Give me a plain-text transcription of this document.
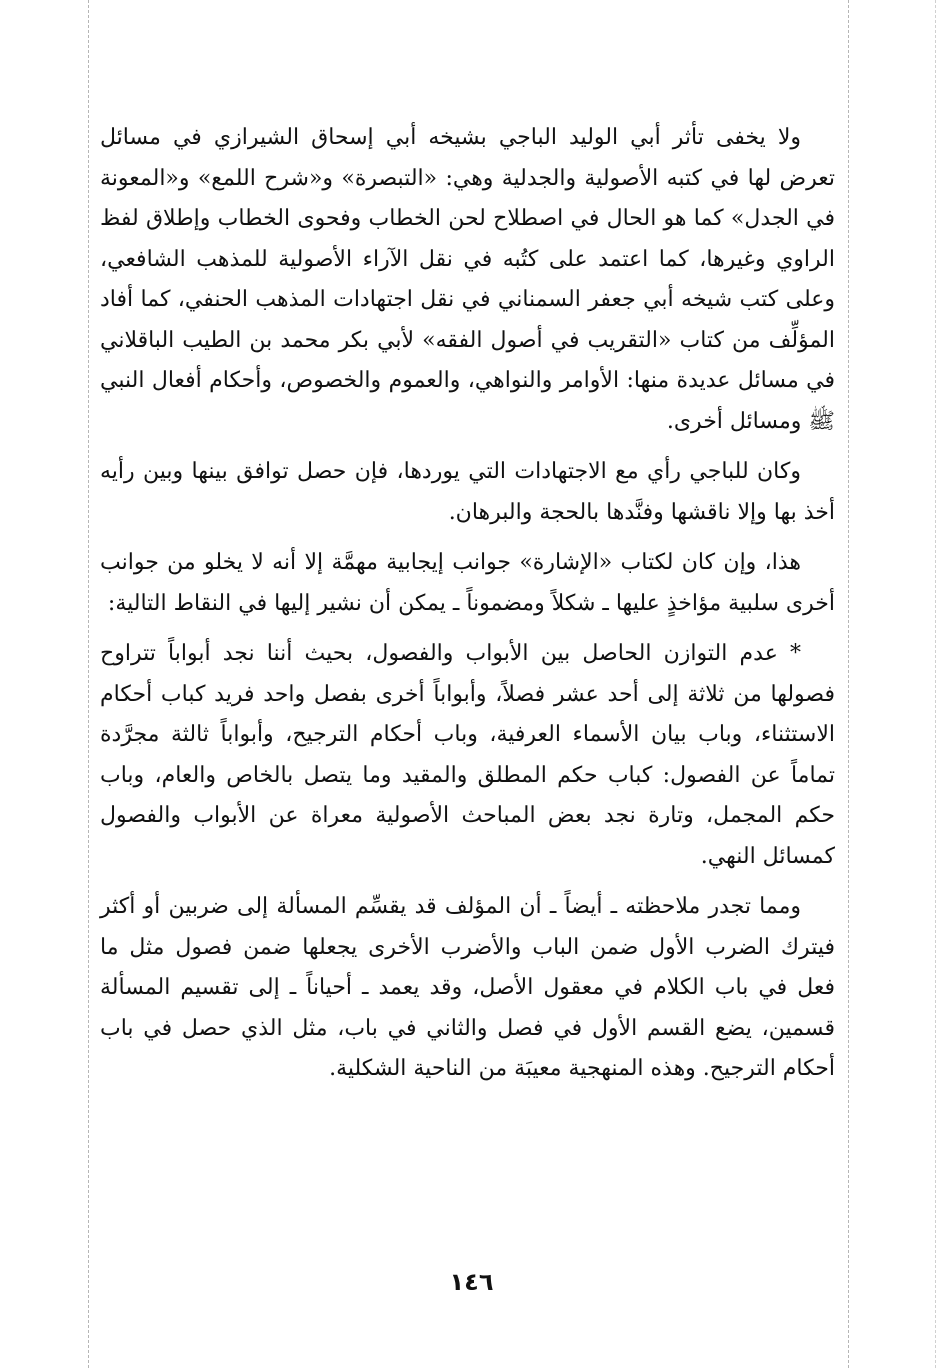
ولا يخفى تأثر أبي الوليد الباجي بشيخه أبي إسحاق الشيرازي في مسائل تعرض لها في كتبه الأصولية والجدلية وهي: «التبصرة» و«شرح اللمع» و«المعونة في الجدل» كما هو الحال في اصطلاح لحن الخطاب وفحوى الخطاب وإطلاق لفظ الراوي وغيرها، كما اعتمد على كتُبه في نقل الآراء الأصولية للمذهب الشافعي، وعلى كتب شيخه أبي جعفر السمناني في نقل اجتهادات المذهب الحنفي، كما أفاد المؤلِّف من كتاب «التقريب في أصول الفقه» لأبي بكر محمد بن الطيب الباقلاني في مسائل عديدة منها: الأوامر والنواهي، والعموم والخصوص، وأحكام أفعال النبي ﷺ ومسائل أخرى.

وكان للباجي رأي مع الاجتهادات التي يوردها، فإن حصل توافق بينها وبين رأيه أخذ بها وإلا ناقشها وفنَّدها بالحجة والبرهان.

هذا، وإن كان لكتاب «الإشارة» جوانب إيجابية مهمَّة إلا أنه لا يخلو من جوانب أخرى سلبية مؤاخذٍ عليها ـ شكلاً ومضموناً ـ يمكن أن نشير إليها في النقاط التالية:

* عدم التوازن الحاصل بين الأبواب والفصول، بحيث أننا نجد أبواباً تتراوح فصولها من ثلاثة إلى أحد عشر فصلاً، وأبواباً أخرى بفصل واحد فريد كباب أحكام الاستثناء، وباب بيان الأسماء العرفية، وباب أحكام الترجيح، وأبواباً ثالثة مجرَّدة تماماً عن الفصول: كباب حكم المطلق والمقيد وما يتصل بالخاص والعام، وباب حكم المجمل، وتارة نجد بعض المباحث الأصولية معراة عن الأبواب والفصول كمسائل النهي.

ومما تجدر ملاحظته ـ أيضاً ـ أن المؤلف قد يقسِّم المسألة إلى ضربين أو أكثر فيترك الضرب الأول ضمن الباب والأضرب الأخرى يجعلها ضمن فصول مثل ما فعل في باب الكلام في معقول الأصل، وقد يعمد ـ أحياناً ـ إلى تقسيم المسألة قسمين، يضع القسم الأول في فصل والثاني في باب، مثل الذي حصل في باب أحكام الترجيح. وهذه المنهجية معيبَة من الناحية الشكلية.

١٤٦
